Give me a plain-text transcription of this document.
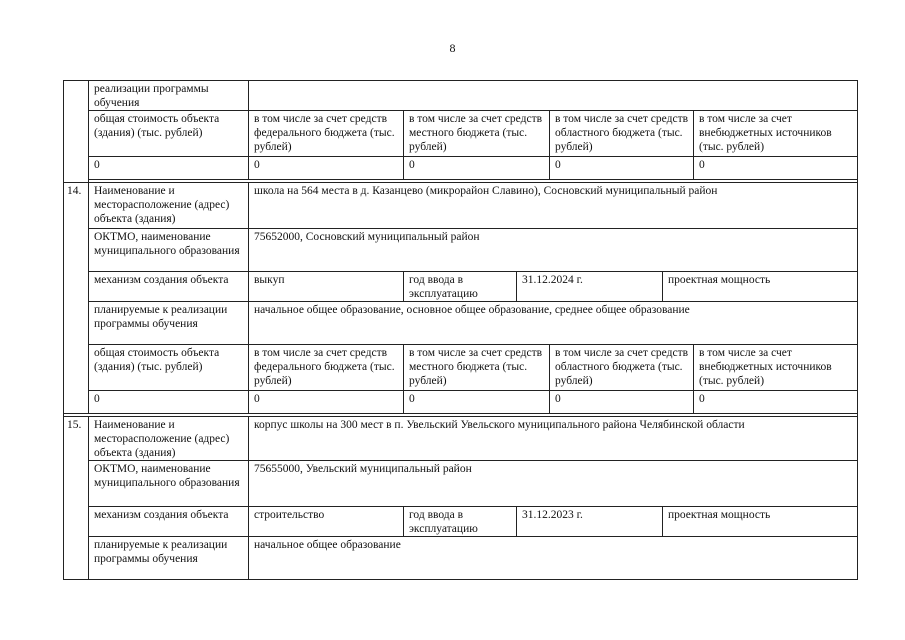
8
	реализации программы обучения							
	общая стоимость объекта (здания) (тыс. рублей)	в том числе за счет средств федерального бюджета (тыс. рублей)	в том числе за счет средств местного бюджета (тыс. рублей)		в том числе за счет средств областного бюджета (тыс. рублей)		в том числе за счет внебюджетных источников (тыс. рублей)	
	0	0	0		0		0	

14.	Наименование и месторасположение (адрес) объекта (здания)	школа на 564 места в д. Казанцево (микрорайон Славино), Сосновский муниципальный район						
	ОКТМО, наименование муниципального образования	75652000, Сосновский муниципальный район						
	механизм создания объекта	выкуп	год ввода в эксплуатацию	31.12.2024 г.		проектная мощность	
	планируемые к реализации программы обучения	начальное общее образование, основное общее образование, среднее общее образование						
	общая стоимость объекта (здания) (тыс. рублей)	в том числе за счет средств федерального бюджета (тыс. рублей)	в том числе за счет средств местного бюджета (тыс. рублей)		в том числе за счет средств областного бюджета (тыс. рублей)		в том числе за счет внебюджетных источников (тыс. рублей)	
	0	0	0		0		0	

15.	Наименование и месторасположение (адрес) объекта (здания)	корпус школы на 300 мест в п. Увельский Увельского муниципального района Челябинской области						
	ОКТМО, наименование муниципального образования	75655000, Увельский муниципальный район						
	механизм создания объекта	строительство	год ввода в эксплуатацию	31.12.2023 г.		проектная мощность	
	планируемые к реализации программы обучения	начальное общее образование						
